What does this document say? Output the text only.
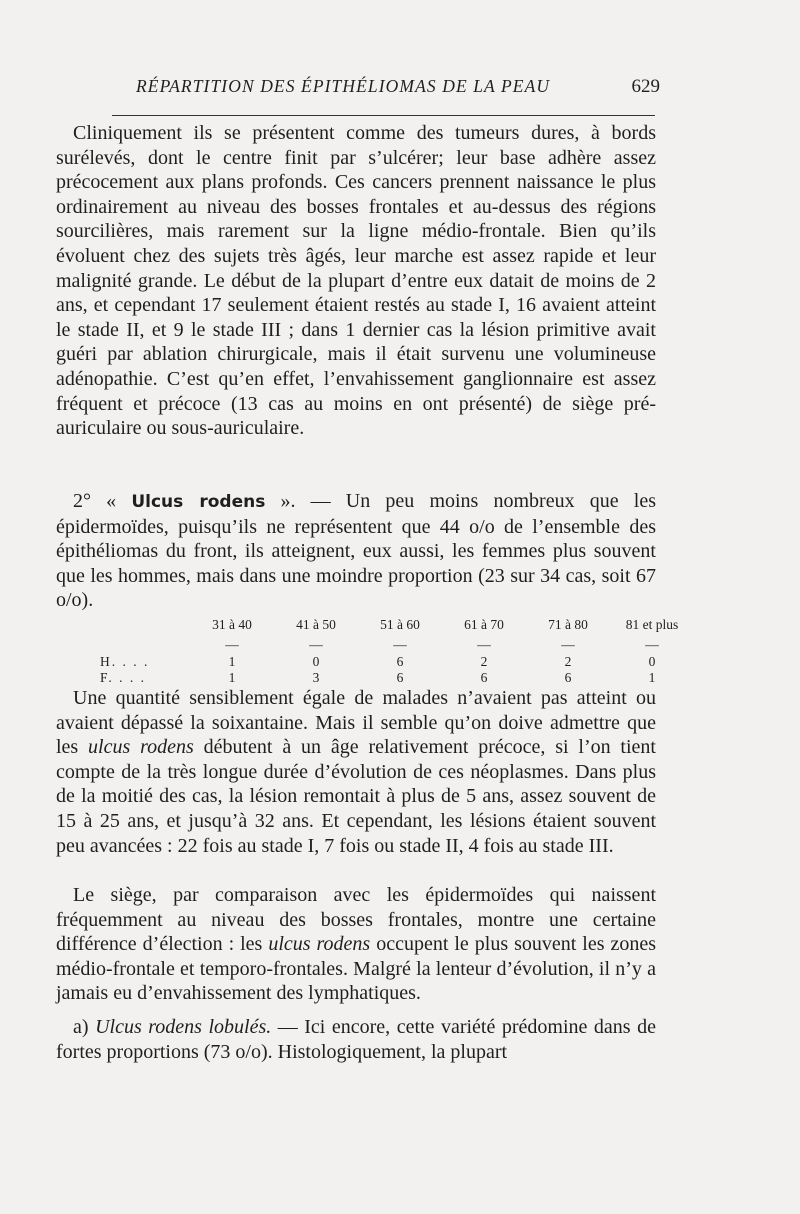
RÉPARTITION DES ÉPITHÉLIOMAS DE LA PEAU	629
Cliniquement ils se présentent comme des tumeurs dures, à bords surélevés, dont le centre finit par s’ulcérer; leur base adhère assez précocement aux plans profonds. Ces cancers prennent naissance le plus ordinairement au niveau des bosses frontales et au-dessus des régions sourcilières, mais rarement sur la ligne médio-frontale. Bien qu’ils évoluent chez des sujets très âgés, leur marche est assez rapide et leur malignité grande. Le début de la plupart d’entre eux datait de moins de 2 ans, et cependant 17 seulement étaient restés au stade I, 16 avaient atteint le stade II, et 9 le stade III ; dans 1 dernier cas la lésion primitive avait guéri par ablation chirurgicale, mais il était survenu une volumineuse adénopathie. C’est qu’en effet, l’envahissement ganglionnaire est assez fréquent et précoce (13 cas au moins en ont présenté) de siège pré-auriculaire ou sous-auriculaire.
2° « Ulcus rodens ». — Un peu moins nombreux que les épidermoïdes, puisqu’ils ne représentent que 44 o/o de l’ensemble des épithéliomas du front, ils atteignent, eux aussi, les femmes plus souvent que les hommes, mais dans une moindre proportion (23 sur 34 cas, soit 67 o/o).
	31 à 40	41 à 50	51 à 60	61 à 70	71 à 80	81 et plus
	—	—	—	—	—	—
H. . . .	1	0	6	2	2	0
F. . . .	1	3	6	6	6	1
Une quantité sensiblement égale de malades n’avaient pas atteint ou avaient dépassé la soixantaine. Mais il semble qu’on doive admettre que les ulcus rodens débutent à un âge relativement précoce, si l’on tient compte de la très longue durée d’évolution de ces néoplasmes. Dans plus de la moitié des cas, la lésion remontait à plus de 5 ans, assez souvent de 15 à 25 ans, et jusqu’à 32 ans. Et cependant, les lésions étaient souvent peu avancées : 22 fois au stade I, 7 fois ou stade II, 4 fois au stade III.
Le siège, par comparaison avec les épidermoïdes qui naissent fréquemment au niveau des bosses frontales, montre une certaine différence d’élection : les ulcus rodens occupent le plus souvent les zones médio-frontale et temporo-frontales. Malgré la lenteur d’évolution, il n’y a jamais eu d’envahissement des lymphatiques.
a) Ulcus rodens lobulés. — Ici encore, cette variété prédomine dans de fortes proportions (73 o/o). Histologiquement, la plupart
